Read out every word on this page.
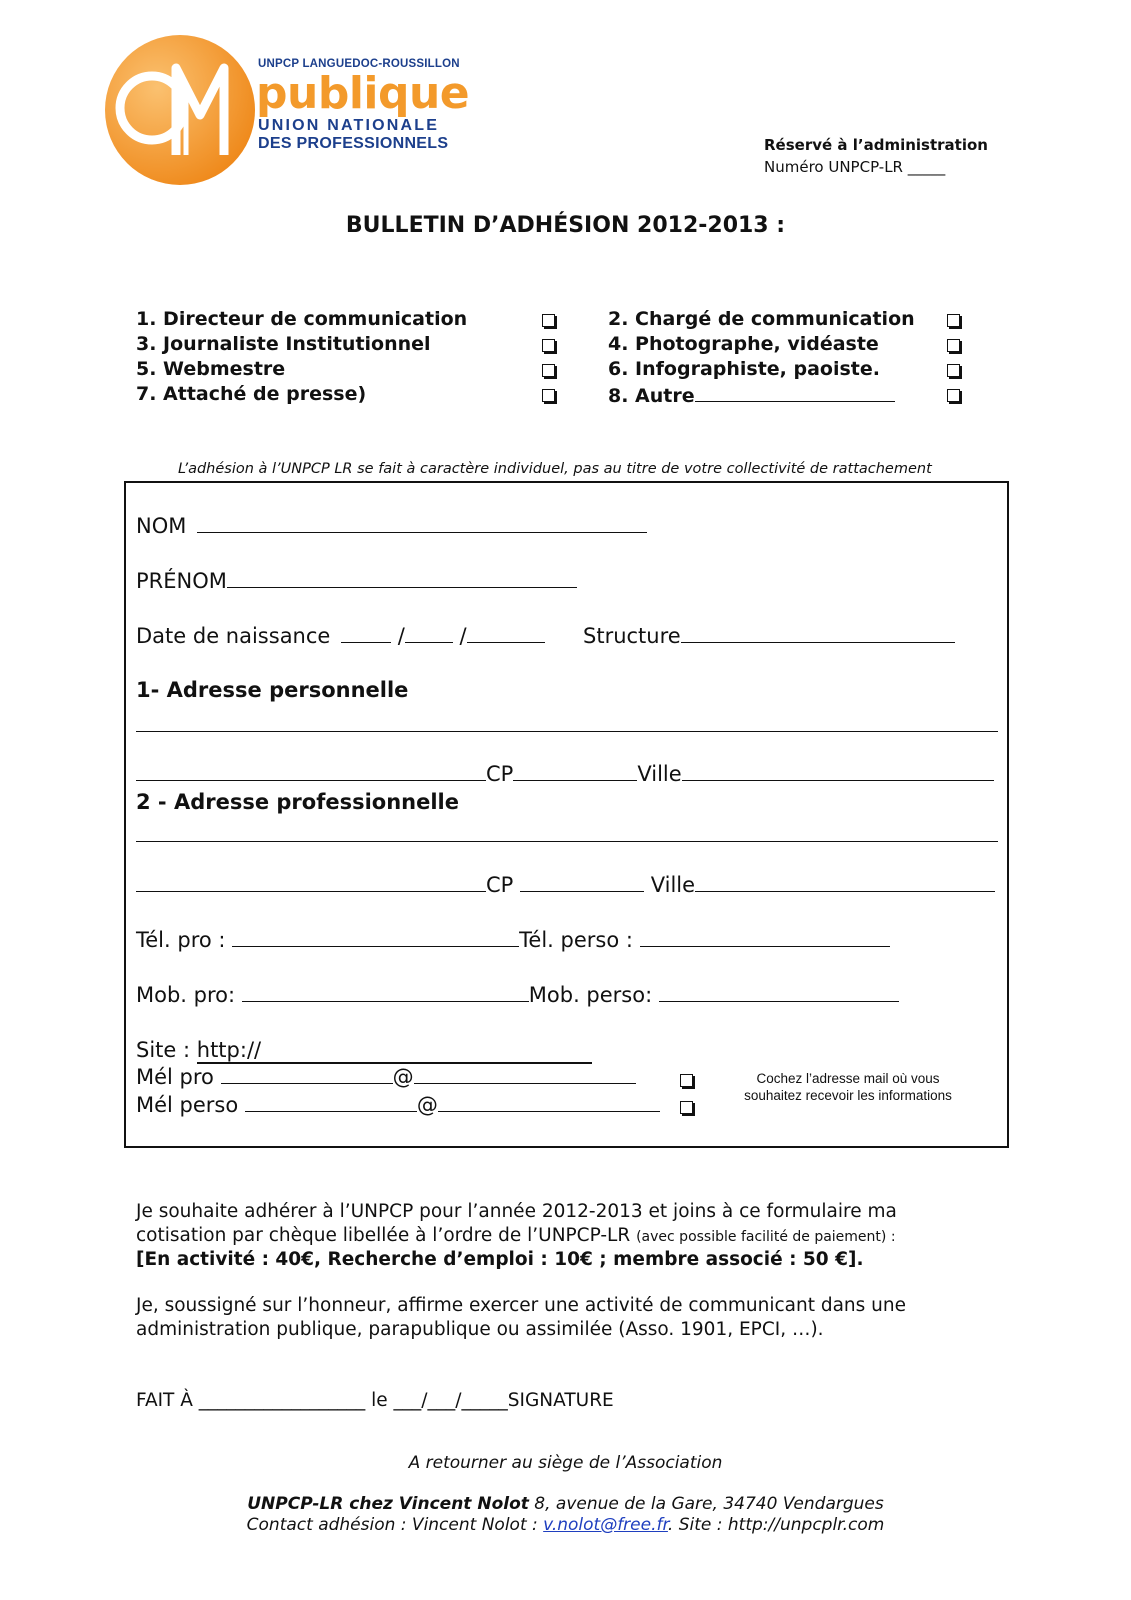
UNPCP LANGUEDOC-ROUSSILLON
publique
UNION NATIONALE
DES PROFESSIONNELS	Réservé à l’administration
Numéro UNPCP-LR _____
BULLETIN D’ADHÉSION 2012-2013 :
1. Directeur de communication	2. Chargé de communication
3. Journaliste Institutionnel	4. Photographe, vidéaste
5. Webmestre	6. Infographiste, paoiste.
7. Attaché de presse)	8. Autre
L’adhésion à l’UNPCP LR se fait à caractère individuel, pas au titre de votre collectivité de rattachement
NOM
PRÉNOM
Date de naissance	/ /	Structure
1- Adresse personnelle
CP	Ville
2 - Adresse professionnelle
CP	Ville
Tél. pro :	Tél. perso :
Mob. pro:	Mob. perso:
Site : http://
Mél pro	@
Mél perso	@
Cochez l’adresse mail où vous souhaitez recevoir les informations
Je souhaite adhérer à l’UNPCP pour l’année 2012-2013 et joins à ce formulaire ma
cotisation par chèque libellée à l’ordre de l’UNPCP-LR (avec possible facilité de paiement) :
[En activité : 40€, Recherche d’emploi : 10€ ; membre associé : 50 €].
Je, soussigné sur l’honneur, affirme exercer une activité de communicant dans une
administration publique, parapublique ou assimilée (Asso. 1901, EPCI, …).
FAIT À __________________ le ___/___/_____SIGNATURE
A retourner au siège de l’Association
UNPCP-LR chez Vincent Nolot 8, avenue de la Gare, 34740 Vendargues
Contact adhésion : Vincent Nolot : v.nolot@free.fr. Site : http://unpcplr.com
